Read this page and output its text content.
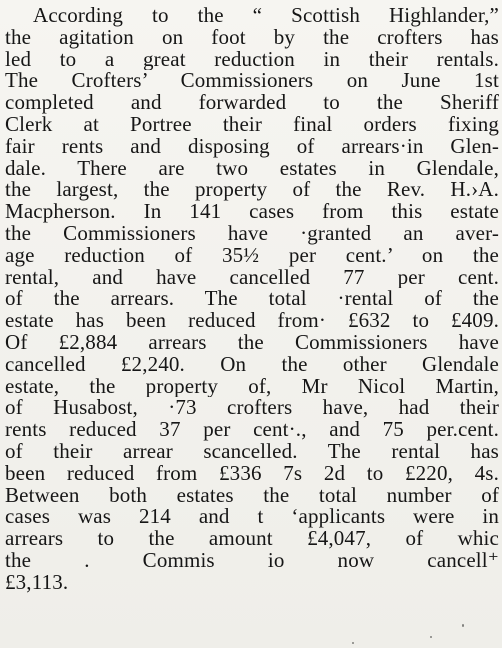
According to the “ Scottish Highlander,”
the agitation on foot by the crofters has
led to a great reduction in their rentals.
The Crofters’ Commissioners on June 1st
completed and forwarded to the Sheriff
Clerk at Portree their final orders fixing
fair rents and disposing of arrears·in Glen-
dale. There are two estates in Glendale,
the largest, the property of the Rev. H.›A.
Macpherson. In 141 cases from this estate
the Commissioners have ·granted an aver-
age reduction of 35½ per cent.’ on the
rental, and have cancelled 77 per cent.
of the arrears. The total ·rental of the
estate has been reduced from· £632 to £409.
Of £2,884 arrears the Commissioners have
cancelled £2,240. On the other Glendale
estate, the property of, Mr Nicol Martin,
of Husabost, ·73 crofters have, had their
rents reduced 37 per cent·., and 75 per.cent.
of their arrear scancelled. The rental has
been reduced from £336 7s 2d to £220, 4s.
Between both estates the total number of
cases was 214 and t ‘applicants were in
arrears to the amount £4,047, of whic
the . Commis io now cancell⁺
£3,113.
